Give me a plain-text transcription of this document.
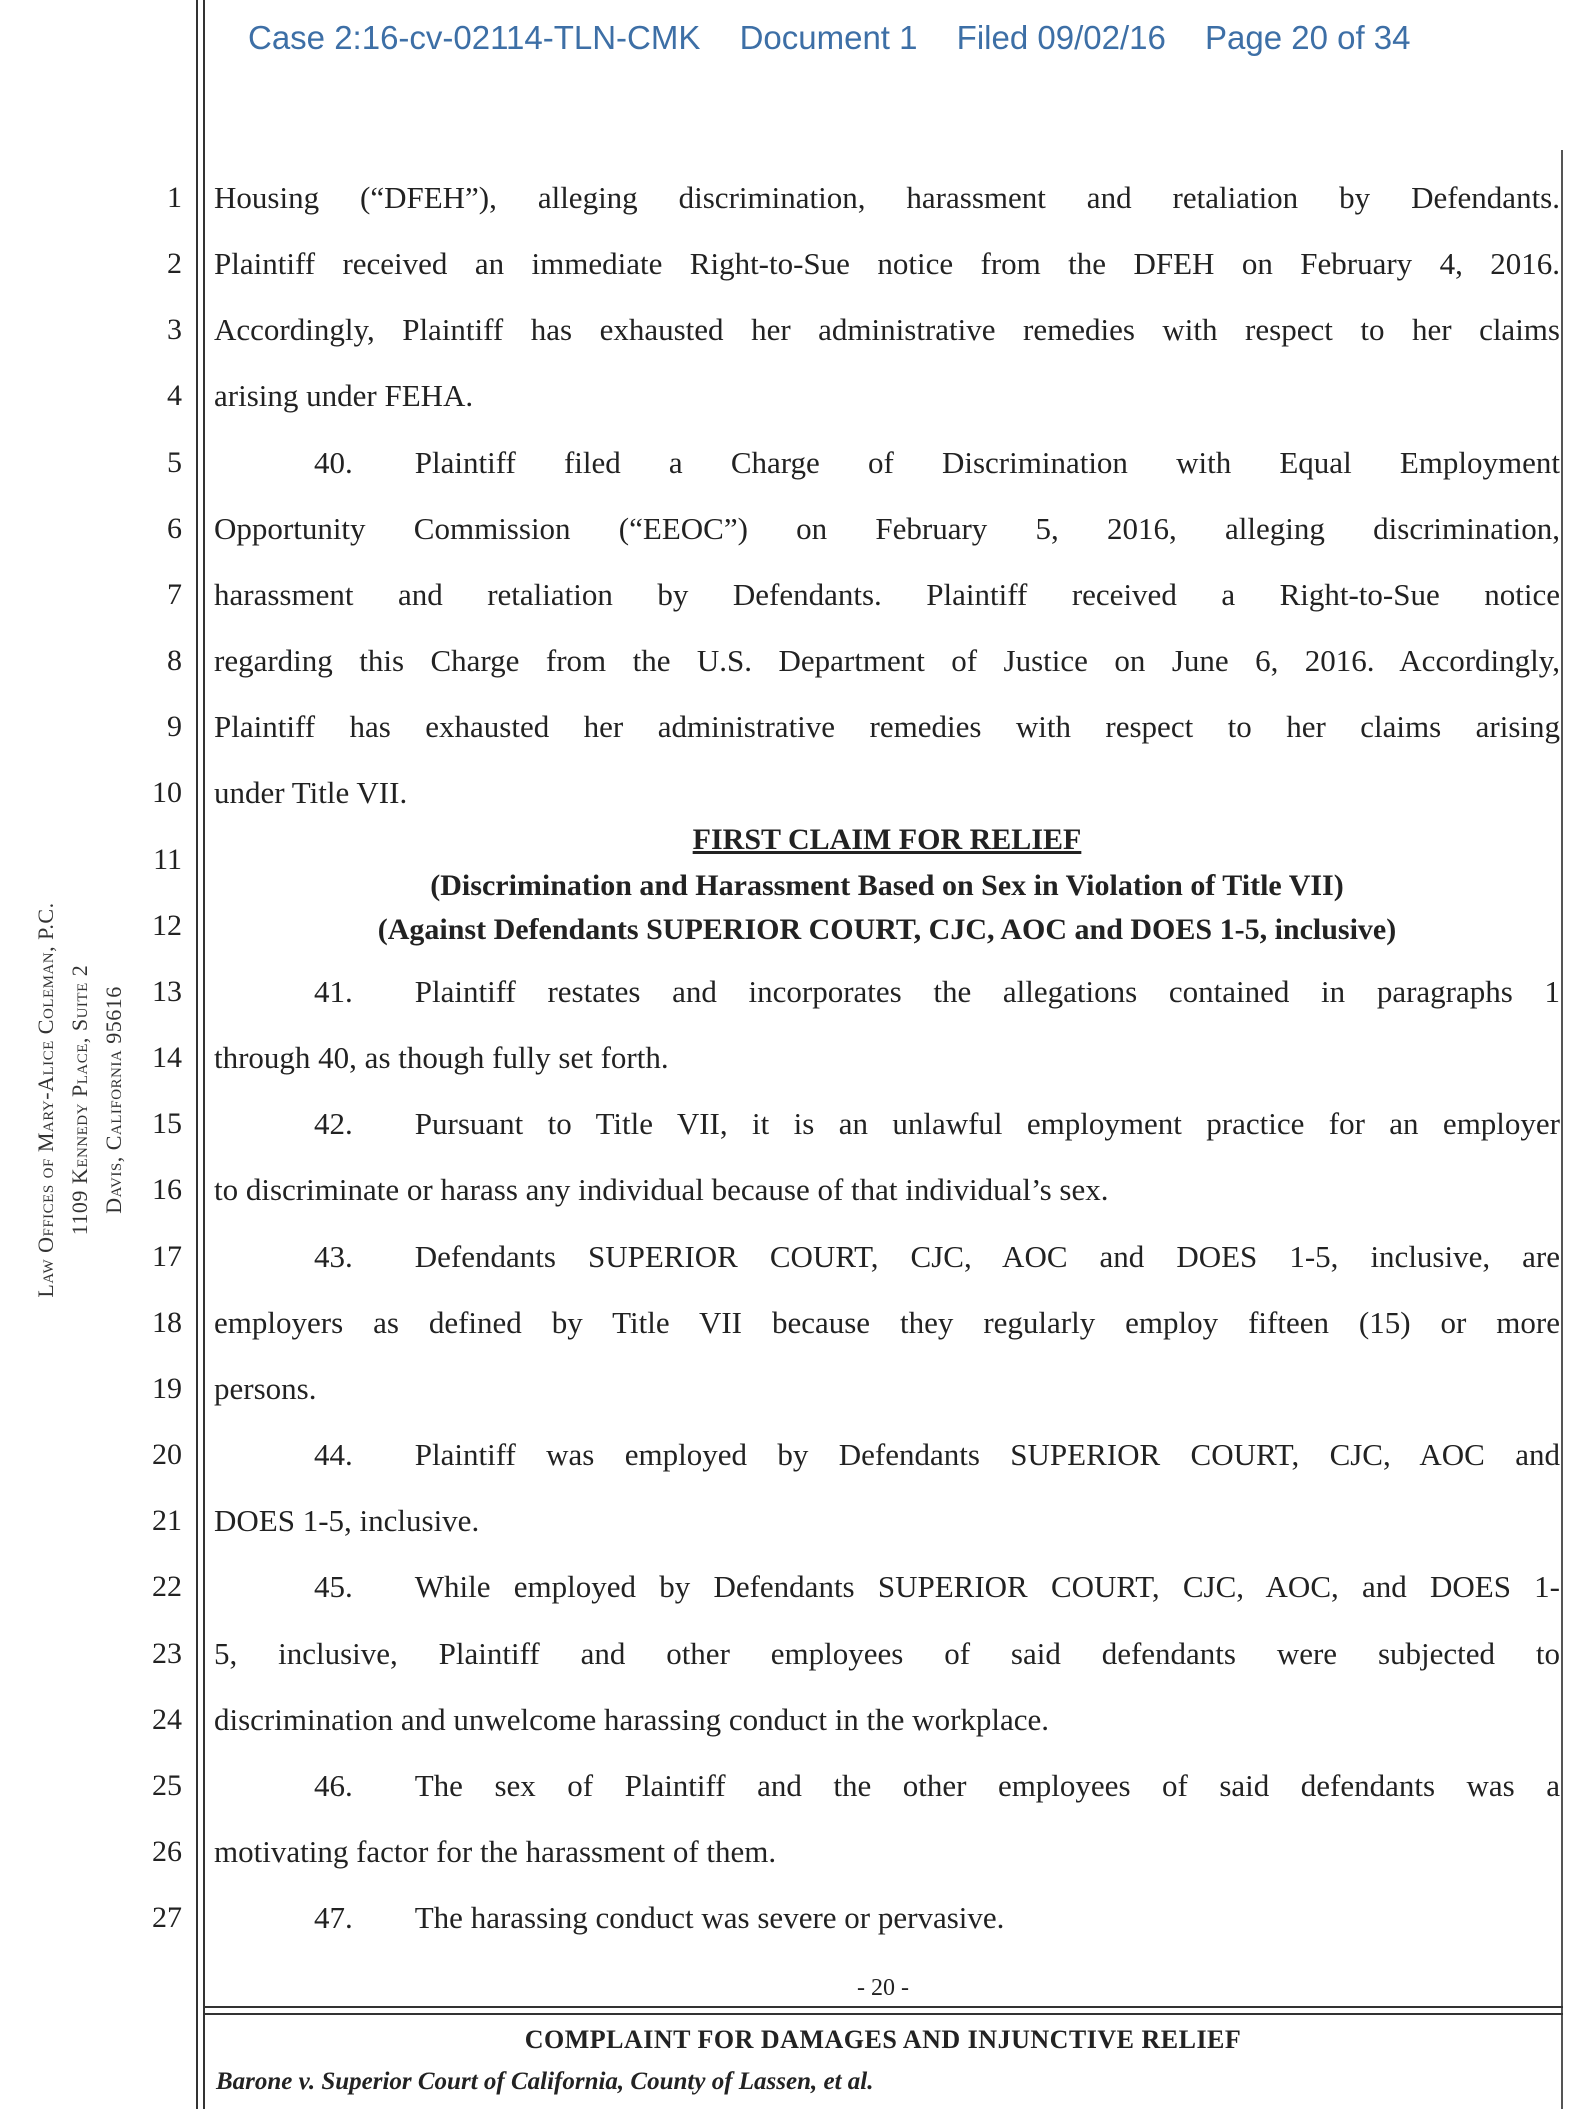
Case 2:16-cv-02114-TLN-CMK Document 1 Filed 09/02/16 Page 20 of 34
Law Offices of Mary-Alice Coleman, P.C. 1109 Kennedy Place, Suite 2 Davis, California 95616
1
2
3
4
5
6
7
8
9
10
11
12
13
14
15
16
17
18
19
20
21
22
23
24
25
26
27
Housing (“DFEH”), alleging discrimination, harassment and retaliation by Defendants.
Plaintiff received an immediate Right-to-Sue notice from the DFEH on February 4, 2016.
Accordingly, Plaintiff has exhausted her administrative remedies with respect to her claims
arising under FEHA.
40.  Plaintiff filed a Charge of Discrimination with Equal Employment
Opportunity Commission (“EEOC”) on February 5, 2016, alleging discrimination,
harassment and retaliation by Defendants. Plaintiff received a Right-to-Sue notice
regarding this Charge from the U.S. Department of Justice on June 6, 2016. Accordingly,
Plaintiff has exhausted her administrative remedies with respect to her claims arising
under Title VII.
FIRST CLAIM FOR RELIEF
(Discrimination and Harassment Based on Sex in Violation of Title VII)
(Against Defendants SUPERIOR COURT, CJC, AOC and DOES 1-5, inclusive)
41.  Plaintiff restates and incorporates the allegations contained in paragraphs 1
through 40, as though fully set forth.
42.  Pursuant to Title VII, it is an unlawful employment practice for an employer
to discriminate or harass any individual because of that individual’s sex.
43.  Defendants SUPERIOR COURT, CJC, AOC and DOES 1-5, inclusive, are
employers as defined by Title VII because they regularly employ fifteen (15) or more
persons.
44.  Plaintiff was employed by Defendants SUPERIOR COURT, CJC, AOC and
DOES 1-5, inclusive.
45.  While employed by Defendants SUPERIOR COURT, CJC, AOC, and DOES 1-
5, inclusive, Plaintiff and other employees of said defendants were subjected to
discrimination and unwelcome harassing conduct in the workplace.
46.  The sex of Plaintiff and the other employees of said defendants was a
motivating factor for the harassment of them.
47.  The harassing conduct was severe or pervasive.
- 20 -
COMPLAINT FOR DAMAGES AND INJUNCTIVE RELIEF
Barone v. Superior Court of California, County of Lassen, et al.
